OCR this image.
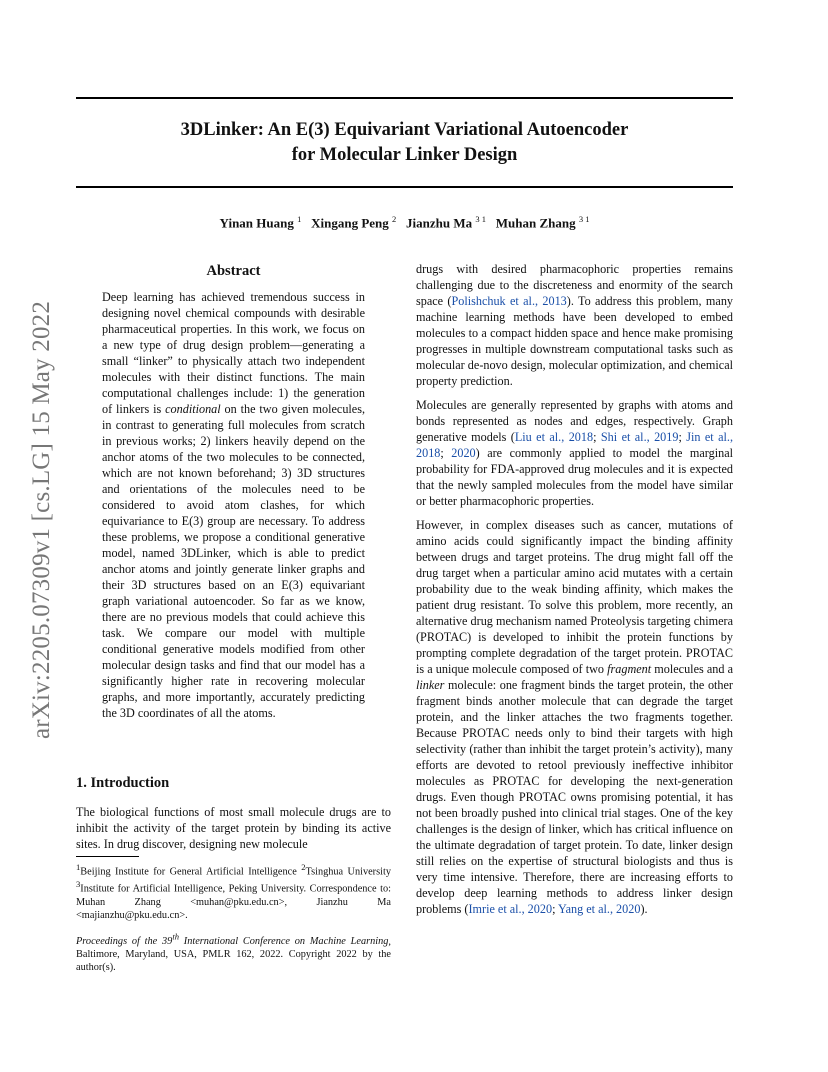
arXiv:2205.07309v1 [cs.LG] 15 May 2022
3DLinker: An E(3) Equivariant Variational Autoencoder
for Molecular Linker Design
Yinan Huang $^1$ Xingang Peng $^2$ Jianzhu Ma $^{3 1}$ Muhan Zhang $^{3 1}$
Abstract

Deep learning has achieved tremendous success in designing novel chemical compounds with desirable pharmaceutical properties. In this work, we focus on a new type of drug design problem—generating a small “linker” to physically attach two independent molecules with their distinct functions. The main computational challenges include: 1) the generation of linkers is conditional on the two given molecules, in contrast to generating full molecules from scratch in previous works; 2) linkers heavily depend on the anchor atoms of the two molecules to be connected, which are not known beforehand; 3) 3D structures and orientations of the molecules need to be considered to avoid atom clashes, for which equivariance to E(3) group are necessary. To address these problems, we propose a conditional generative model, named 3DLinker, which is able to predict anchor atoms and jointly generate linker graphs and their 3D structures based on an E(3) equivariant graph variational autoencoder. So far as we know, there are no previous models that could achieve this task. We compare our model with multiple conditional generative models modified from other molecular design tasks and find that our model has a significantly higher rate in recovering molecular graphs, and more importantly, accurately predicting the 3D coordinates of all the atoms.

1. Introduction

The biological functions of most small molecule drugs are to inhibit the activity of the target protein by binding its active sites. In drug discover, designing new molecule

$^1$Beijing Institute for General Artificial Intelligence $^2$Tsinghua University $^3$Institute for Artificial Intelligence, Peking University. Correspondence to: Muhan Zhang <muhan@pku.edu.cn>, Jianzhu Ma <majianzhu@pku.edu.cn>.

Proceedings of the 39th International Conference on Machine Learning, Baltimore, Maryland, USA, PMLR 162, 2022. Copyright 2022 by the author(s).

drugs with desired pharmacophoric properties remains challenging due to the discreteness and enormity of the search space (Polishchuk et al., 2013). To address this problem, many machine learning methods have been developed to embed molecules to a compact hidden space and hence make promising progresses in multiple downstream computational tasks such as molecular de-novo design, molecular optimization, and chemical property prediction.

Molecules are generally represented by graphs with atoms and bonds represented as nodes and edges, respectively. Graph generative models (Liu et al., 2018; Shi et al., 2019; Jin et al., 2018; 2020) are commonly applied to model the marginal probability for FDA-approved drug molecules and it is expected that the newly sampled molecules from the model have similar or better pharmacophoric properties.

However, in complex diseases such as cancer, mutations of amino acids could significantly impact the binding affinity between drugs and target proteins. The drug might fall off the drug target when a particular amino acid mutates with a certain probability due to the weak binding affinity, which makes the patient drug resistant. To solve this problem, more recently, an alternative drug mechanism named Proteolysis targeting chimera (PROTAC) is developed to inhibit the protein functions by prompting complete degradation of the target protein. PROTAC is a unique molecule composed of two fragment molecules and a linker molecule: one fragment binds the target protein, the other fragment binds another molecule that can degrade the target protein, and the linker attaches the two fragments together. Because PROTAC needs only to bind their targets with high selectivity (rather than inhibit the target protein’s activity), many efforts are devoted to retool previously ineffective inhibitor molecules as PROTAC for developing the next-generation drugs. Even though PROTAC owns promising potential, it has not been broadly pushed into clinical trial stages. One of the key challenges is the design of linker, which has critical influence on the ultimate degradation of target protein. To date, linker design still relies on the expertise of structural biologists and thus is very time intensive. Therefore, there are increasing efforts to develop deep learning methods to address linker design problems (Imrie et al., 2020; Yang et al., 2020).
